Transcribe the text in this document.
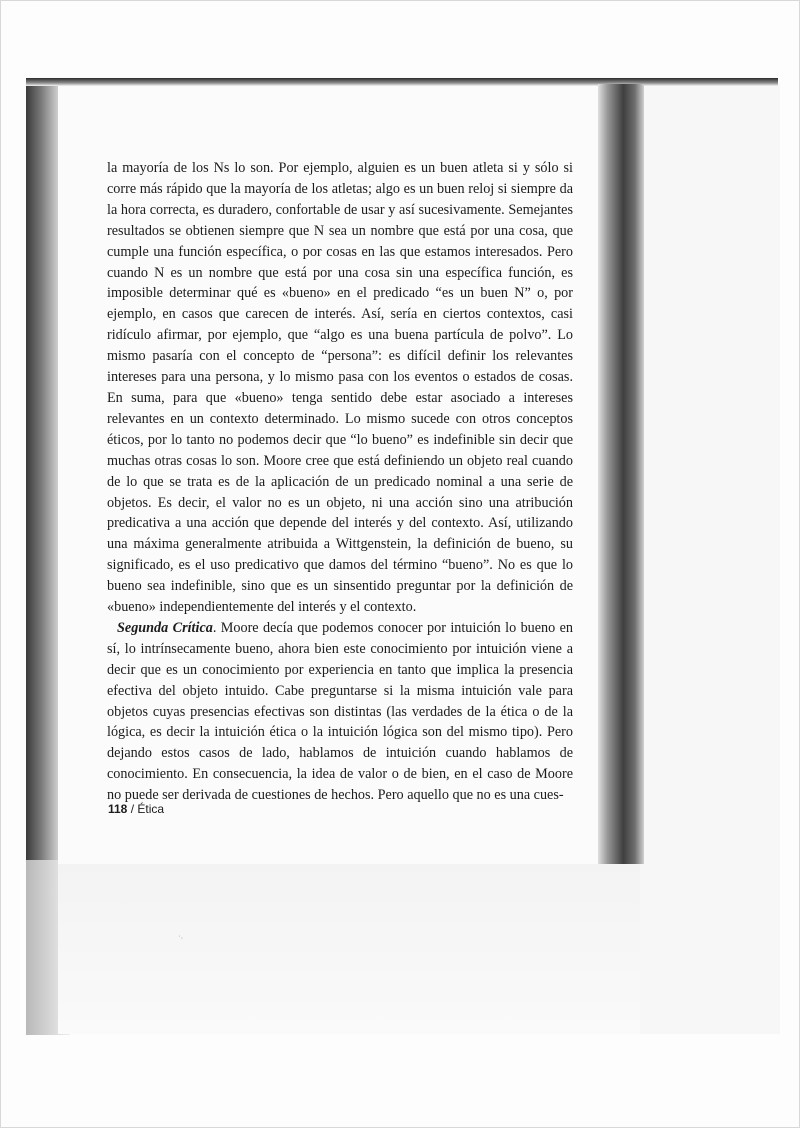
˙·

la mayoría de los Ns lo son. Por ejemplo, alguien es un buen atleta si y sólo si corre más rápido que la mayoría de los atletas; algo es un buen reloj si siempre da la hora correcta, es duradero, confortable de usar y así sucesivamente. Semejantes resultados se obtienen siempre que N sea un nombre que está por una cosa, que cumple una función específica, o por cosas en las que estamos interesados. Pero cuando N es un nombre que está por una cosa sin una específica función, es imposible determinar qué es «bueno» en el predicado “es un buen N” o, por ejemplo, en casos que carecen de interés. Así, sería en ciertos contextos, casi ridículo afirmar, por ejemplo, que “algo es una buena partícula de polvo”. Lo mismo pasaría con el concepto de “persona”: es difícil definir los relevantes intereses para una persona, y lo mismo pasa con los eventos o estados de cosas. En suma, para que «bueno» tenga sentido debe estar asociado a intereses relevantes en un contexto determinado. Lo mismo sucede con otros conceptos éticos, por lo tanto no podemos decir que “lo bueno” es indefinible sin decir que muchas otras cosas lo son. Moore cree que está definiendo un objeto real cuando de lo que se trata es de la aplicación de un predicado nominal a una serie de objetos. Es decir, el valor no es un objeto, ni una acción sino una atribución predicativa a una acción que depende del interés y del contexto. Así, utilizando una máxima generalmente atribuida a Wittgenstein, la definición de bueno, su significado, es el uso predicativo que damos del término “bueno”. No es que lo bueno sea indefinible, sino que es un sinsentido preguntar por la definición de «bueno» independientemente del interés y el contexto.

Segunda Crítica. Moore decía que podemos conocer por intuición lo bueno en sí, lo intrínsecamente bueno, ahora bien este conocimiento por intuición viene a decir que es un conocimiento por experiencia en tanto que implica la presencia efectiva del objeto intuido. Cabe preguntarse si la misma intuición vale para objetos cuyas presencias efectivas son distintas (las verdades de la ética o de la lógica, es decir la intuición ética o la intuición lógica son del mismo tipo). Pero dejando estos casos de lado, hablamos de intuición cuando hablamos de conocimiento. En consecuencia, la idea de valor o de bien, en el caso de Moore no puede ser derivada de cuestiones de hechos. Pero aquello que no es una cues-

118 / Ética
